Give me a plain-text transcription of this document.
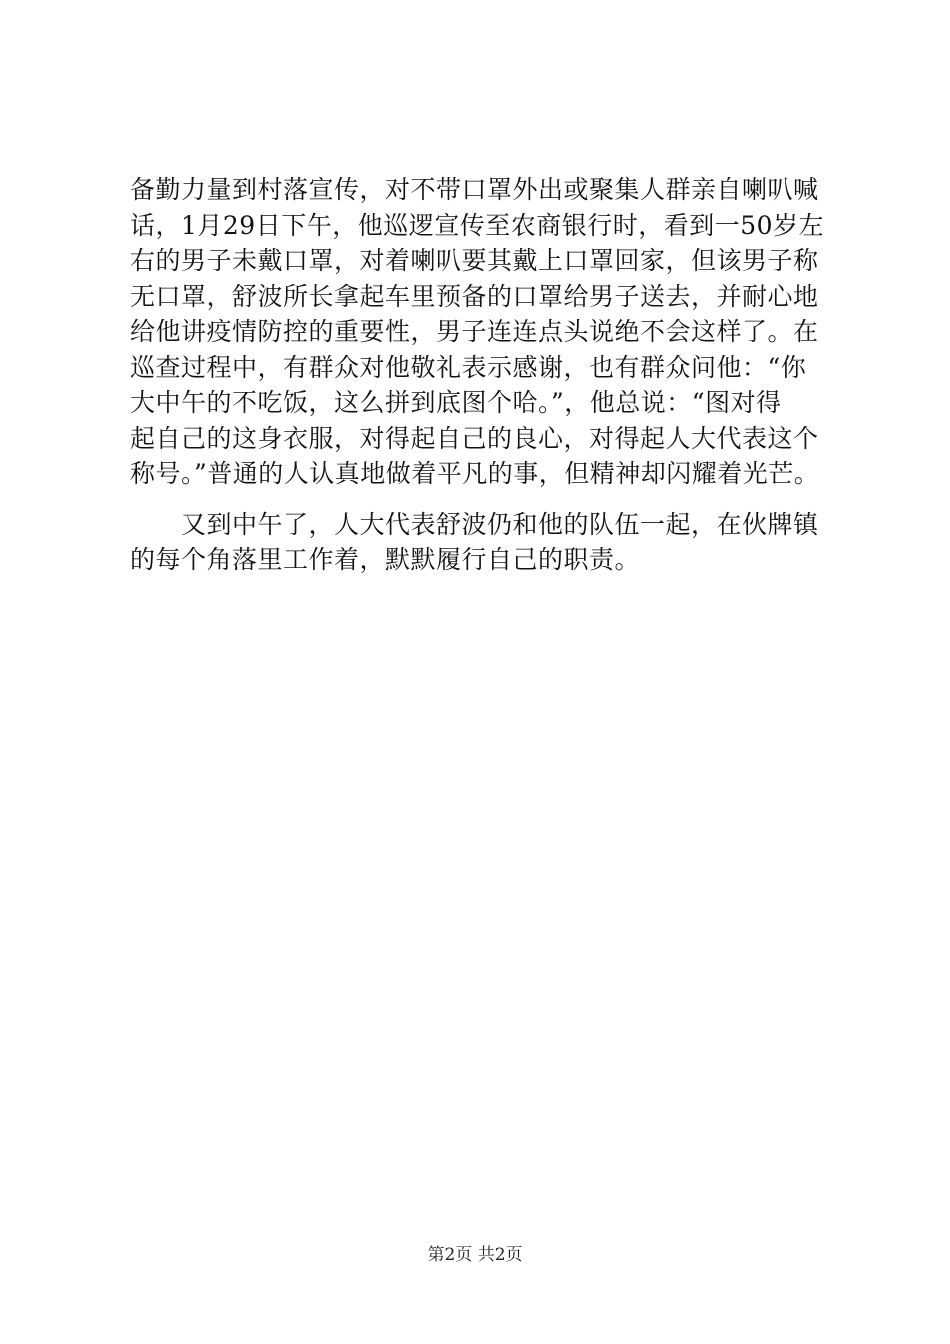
备勤力量到村落宣传，对不带口罩外出或聚集人群亲自喇叭喊
话，1月29日下午，他巡逻宣传至农商银行时，看到一50岁左
右的男子未戴口罩，对着喇叭要其戴上口罩回家，但该男子称
无口罩，舒波所长拿起车里预备的口罩给男子送去，并耐心地
给他讲疫情防控的重要性，男子连连点头说绝不会这样了。在
巡查过程中，有群众对他敬礼表示感谢，也有群众问他：“你
大中午的不吃饭，这么拼到底图个哈。”，他总说：“图对得
起自己的这身衣服，对得起自己的良心，对得起人大代表这个
称号。”普通的人认真地做着平凡的事，但精神却闪耀着光芒。
　　又到中午了，人大代表舒波仍和他的队伍一起，在伙牌镇
的每个角落里工作着，默默履行自己的职责。
第2页 共2页
